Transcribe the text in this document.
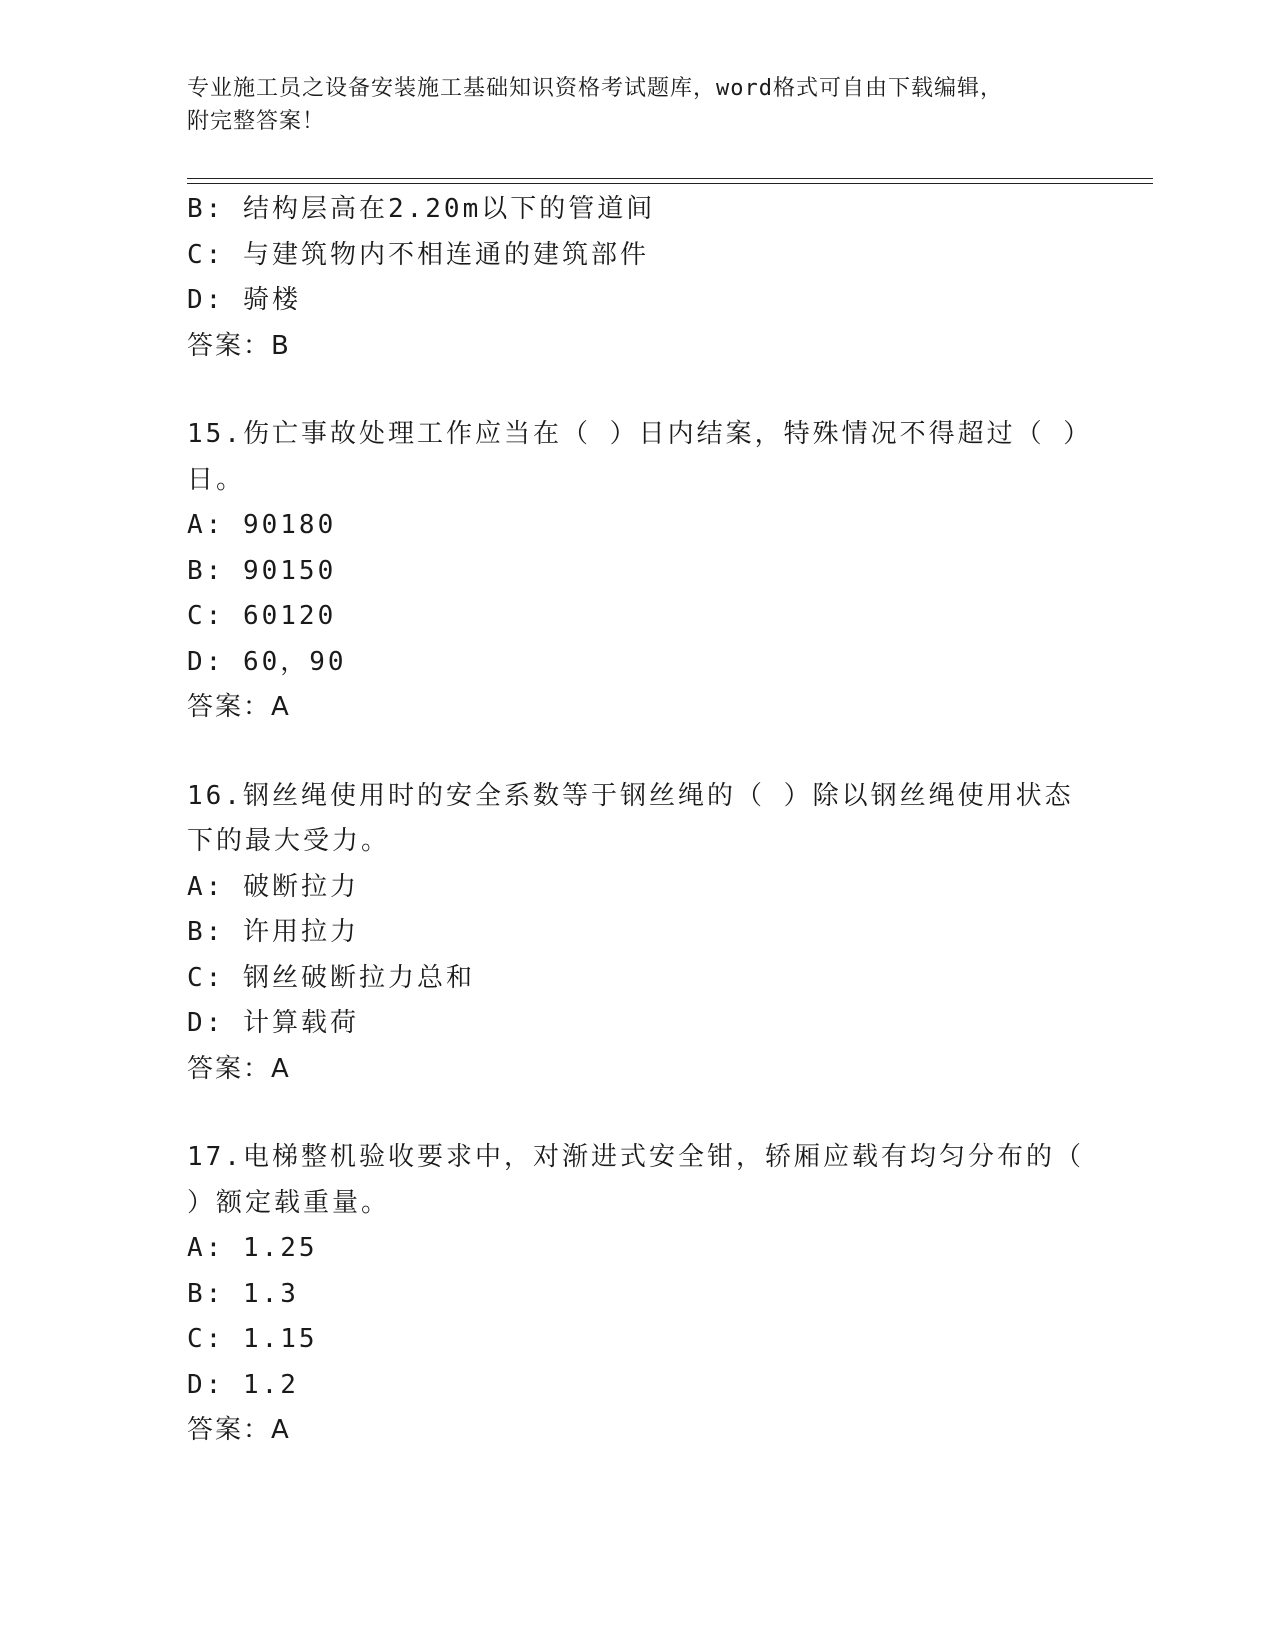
专业施工员之设备安装施工基础知识资格考试题库，word格式可自由下载编辑，
附完整答案！
B: 结构层高在2.20m以下的管道间
C: 与建筑物内不相连通的建筑部件
D: 骑楼
答案：B
15.伤亡事故处理工作应当在（ ）日内结案，特殊情况不得超过（ ）
日。
A: 90180
B: 90150
C: 60120
D: 60，90
答案：A
16.钢丝绳使用时的安全系数等于钢丝绳的（ ）除以钢丝绳使用状态
下的最大受力。
A: 破断拉力
B: 许用拉力
C: 钢丝破断拉力总和
D: 计算载荷
答案：A
17.电梯整机验收要求中，对渐进式安全钳，轿厢应载有均匀分布的（
）额定载重量。
A: 1.25
B: 1.3
C: 1.15
D: 1.2
答案：A
